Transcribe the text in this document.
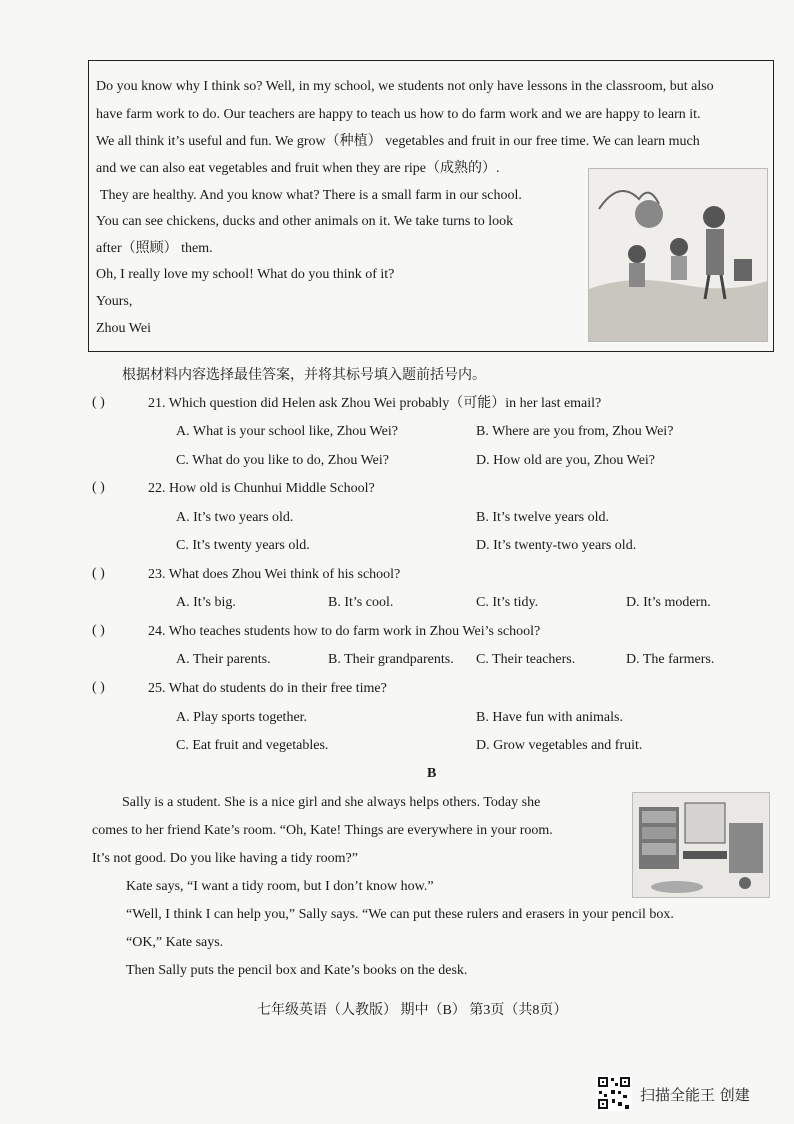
Do you know why I think so? Well, in my school, we students not only have lessons in the classroom, but also
have farm work to do. Our teachers are happy to teach us how to do farm work and we are happy to learn it.
We all think it’s useful and fun. We grow（种植） vegetables and fruit in our free time. We can learn much
and we can also eat vegetables and fruit when they are ripe（成熟的）.
They are healthy. And you know what? There is a small farm in our school.
You can see chickens, ducks and other animals on it. We take turns to look
after（照顾） them.
Oh, I really love my school! What do you think of it?
Yours,
Zhou Wei
根据材料内容选择最佳答案，并将其标号填入题前括号内。
( )	21. Which question did Helen ask Zhou Wei probably（可能）in her last email?
A. What is your school like, Zhou Wei?	B. Where are you from, Zhou Wei?
C. What do you like to do, Zhou Wei?	D. How old are you, Zhou Wei?
( )	22. How old is Chunhui Middle School?
A. It’s two years old.	B. It’s twelve years old.
C. It’s twenty years old.	D. It’s twenty-two years old.
( )	23. What does Zhou Wei think of his school?
A. It’s big.	B. It’s cool.	C. It’s tidy.	D. It’s modern.
( )	24. Who teaches students how to do farm work in Zhou Wei’s school?
A. Their parents.	B. Their grandparents. C. Their teachers.	D. The farmers.
( )	25. What do students do in their free time?
A. Play sports together.	B. Have fun with animals.
C. Eat fruit and vegetables.	D. Grow vegetables and fruit.
B
Sally is a student. She is a nice girl and she always helps others. Today she
comes to her friend Kate’s room. “Oh, Kate! Things are everywhere in your room.
It’s not good. Do you like having a tidy room?”
Kate says, “I want a tidy room, but I don’t know how.”
“Well, I think I can help you,” Sally says. “We can put these rulers and erasers in your pencil box.
“OK,” Kate says.
Then Sally puts the pencil box and Kate’s books on the desk.
七年级英语（人教版） 期中（B） 第3页（共8页）
扫描全能王 创建
